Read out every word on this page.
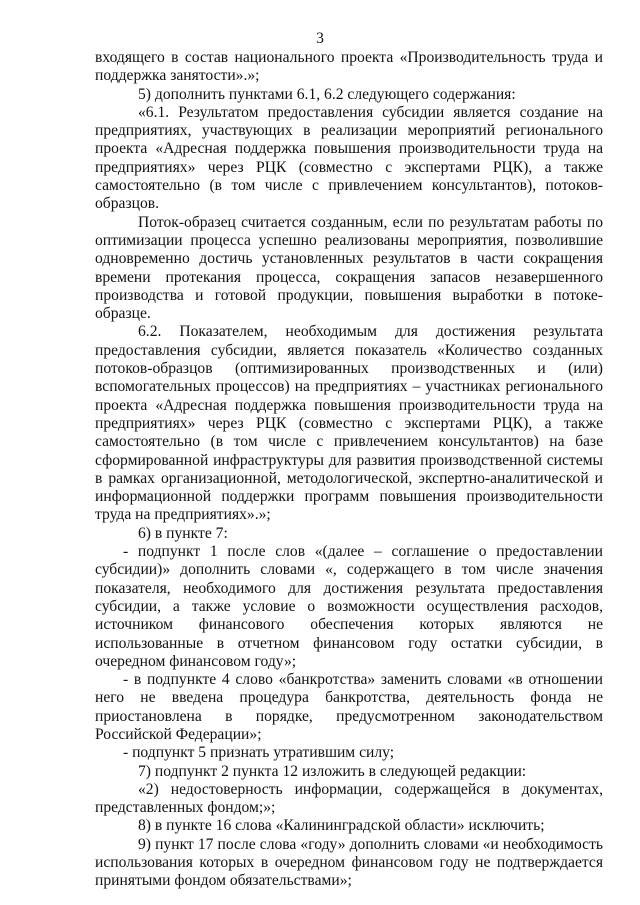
3

входящего в состав национального проекта «Производительность труда и поддержка занятости».»;

5) дополнить пунктами 6.1, 6.2 следующего содержания:

«6.1. Результатом предоставления субсидии является создание на предприятиях, участвующих в реализации мероприятий регионального проекта «Адресная поддержка повышения производительности труда на предприятиях» через РЦК (совместно с экспертами РЦК), а также самостоятельно (в том числе с привлечением консультантов), потоков-образцов.

Поток-образец считается созданным, если по результатам работы по оптимизации процесса успешно реализованы мероприятия, позволившие одновременно достичь установленных результатов в части сокращения времени протекания процесса, сокращения запасов незавершенного производства и готовой продукции, повышения выработки в потоке-образце.

6.2. Показателем, необходимым для достижения результата предоставления субсидии, является показатель «Количество созданных потоков-образцов (оптимизированных производственных и (или) вспомогательных процессов) на предприятиях – участниках регионального проекта «Адресная поддержка повышения производительности труда на предприятиях» через РЦК (совместно с экспертами РЦК), а также самостоятельно (в том числе с привлечением консультантов) на базе сформированной инфраструктуры для развития производственной системы в рамках организационной, методологической, экспертно-аналитической и информационной поддержки программ повышения производительности труда на предприятиях».»;

6) в пункте 7:

- подпункт 1 после слов «(далее – соглашение о предоставлении субсидии)» дополнить словами «, содержащего в том числе значения показателя, необходимого для достижения результата предоставления субсидии, а также условие о возможности осуществления расходов, источником финансового обеспечения которых являются не использованные в отчетном финансовом году остатки субсидии, в очередном финансовом году»;

- в подпункте 4 слово «банкротства» заменить словами «в отношении него не введена процедура банкротства, деятельность фонда не приостановлена в порядке, предусмотренном законодательством Российской Федерации»;

- подпункт 5 признать утратившим силу;

7) подпункт 2 пункта 12 изложить в следующей редакции:

«2) недостоверность информации, содержащейся в документах, представленных фондом;»;

8) в пункте 16 слова «Калининградской области» исключить;

9) пункт 17 после слова «году» дополнить словами «и необходимость использования которых в очередном финансовом году не подтверждается принятыми фондом обязательствами»;
